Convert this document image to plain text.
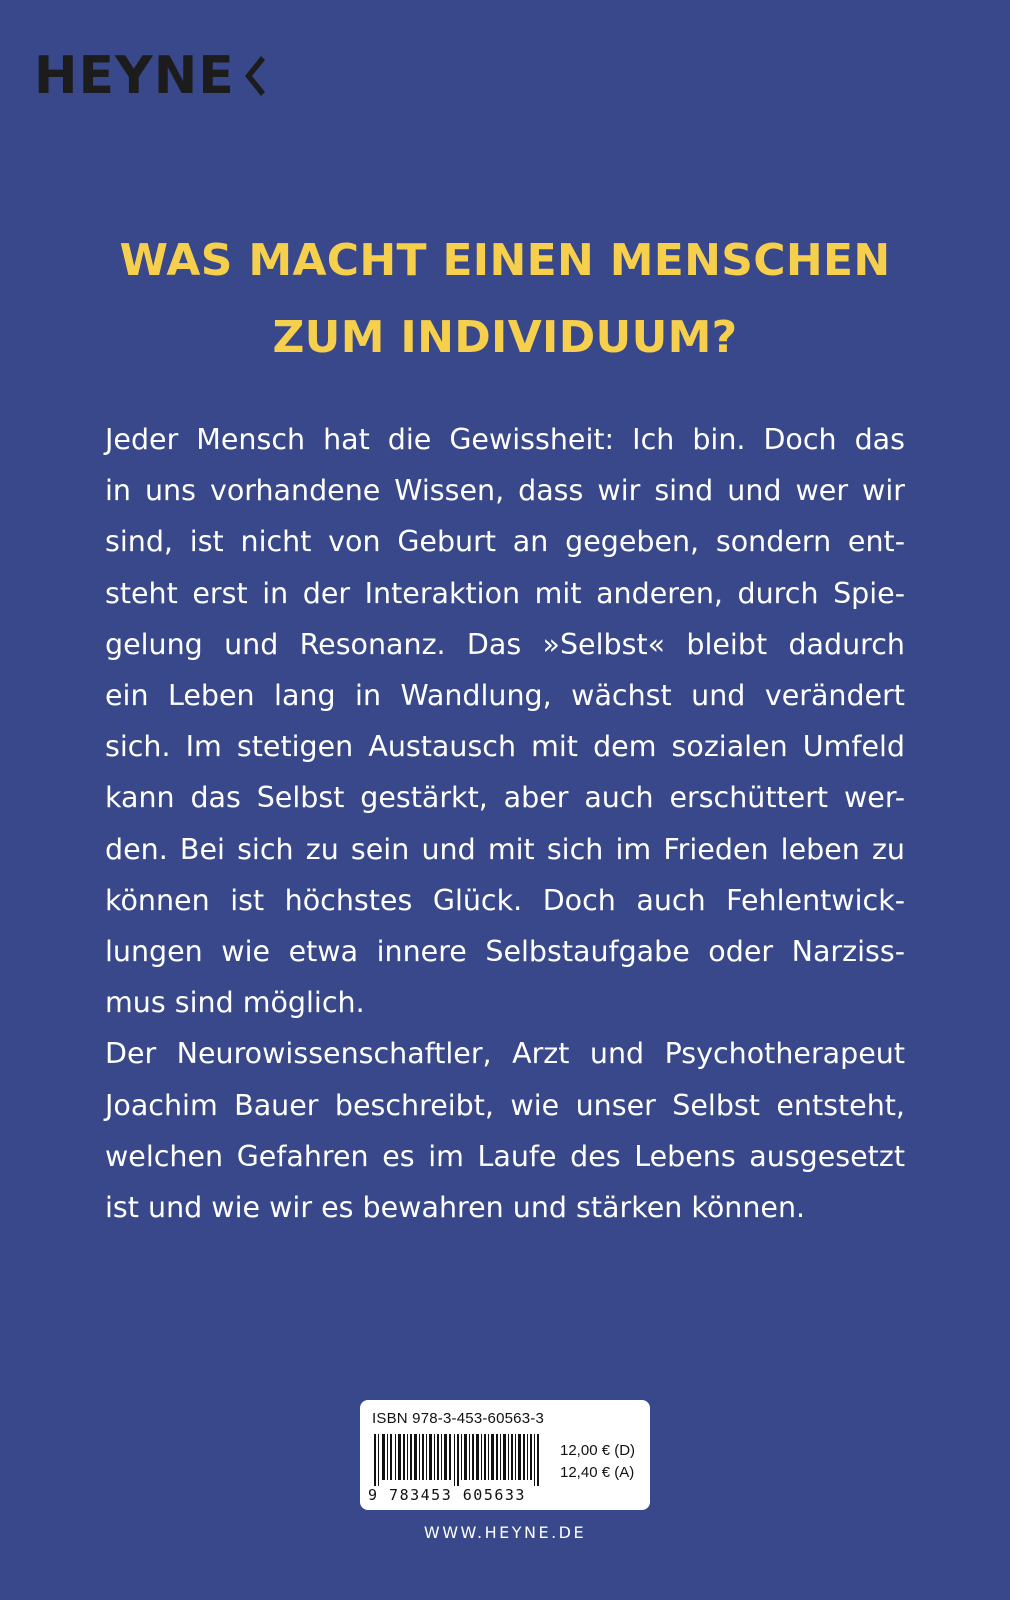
HEYNE
WAS MACHT EINEN MENSCHEN
ZUM INDIVIDUUM?
Jeder Mensch hat die Gewissheit: Ich bin. Doch das
in uns vorhandene Wissen, dass wir sind und wer wir
sind, ist nicht von Geburt an gegeben, sondern ent-
steht erst in der Interaktion mit anderen, durch Spie-
gelung und Resonanz. Das »Selbst« bleibt dadurch
ein Leben lang in Wandlung, wächst und verändert
sich. Im stetigen Austausch mit dem sozialen Umfeld
kann das Selbst gestärkt, aber auch erschüttert wer-
den. Bei sich zu sein und mit sich im Frieden leben zu
können ist höchstes Glück. Doch auch Fehlentwick-
lungen wie etwa innere Selbstaufgabe oder Narziss-
mus sind möglich.
Der Neurowissenschaftler, Arzt und Psychotherapeut
Joachim Bauer beschreibt, wie unser Selbst entsteht,
welchen Gefahren es im Laufe des Lebens ausgesetzt
ist und wie wir es bewahren und stärken können.
ISBN 978-3-453-60563-3
9 783453 605633
12,00 € (D)
12,40 € (A)
WWW.HEYNE.DE
